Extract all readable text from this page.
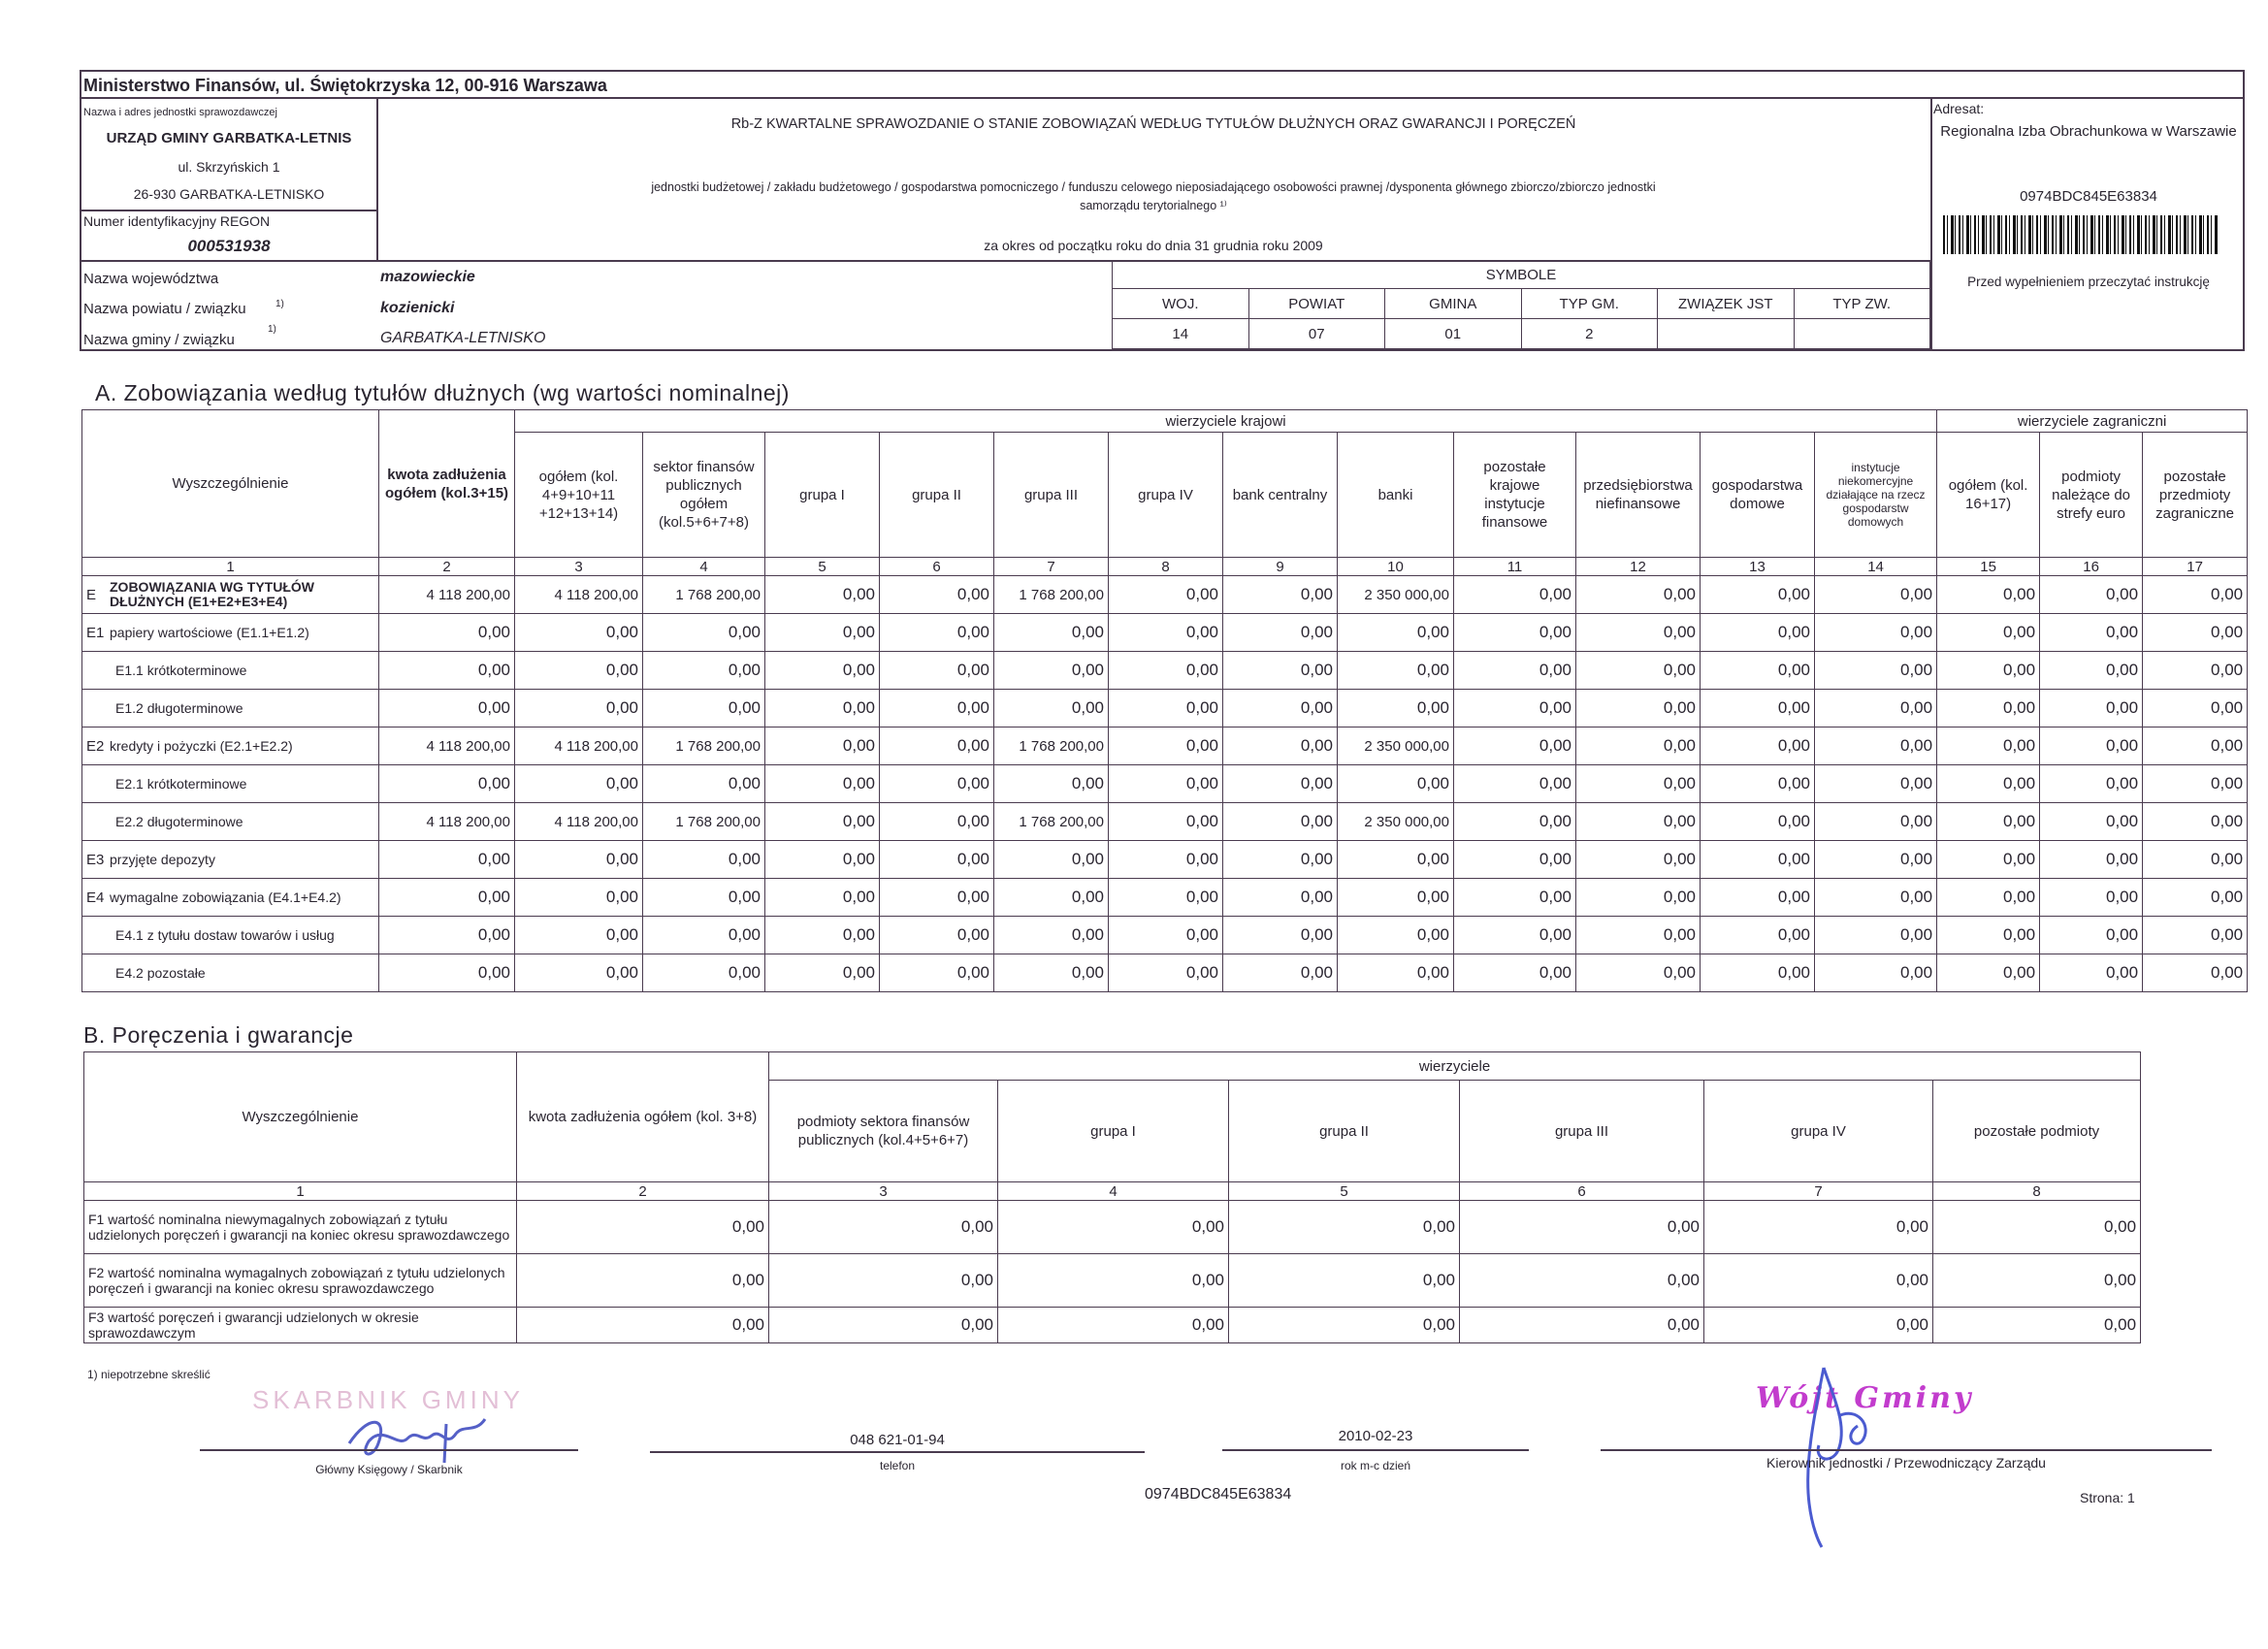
Ministerstwo Finansów, ul. Świętokrzyska 12, 00-916 Warszawa
Nazwa i adres jednostki sprawozdawczej
URZĄD GMINY GARBATKA-LETNIS
ul. Skrzyńskich 1
26-930 GARBATKA-LETNISKO
Numer identyfikacyjny REGON
000531938
Rb-Z KWARTALNE SPRAWOZDANIE O STANIE ZOBOWIĄZAŃ WEDŁUG TYTUŁÓW DŁUŻNYCH ORAZ GWARANCJI I PORĘCZEŃ
jednostki budżetowej / zakładu budżetowego / gospodarstwa pomocniczego / funduszu celowego nieposiadającego osobowości prawnej /dysponenta głównego zbiorczo/zbiorczo jednostki
samorządu terytorialnego ¹⁾
za okres od początku roku do dnia 31 grudnia roku 2009
Adresat:
Regionalna Izba Obrachunkowa w Warszawie
0974BDC845E63834
Przed wypełnieniem przeczytać instrukcję
Nazwa województwa	mazowieckie
Nazwa powiatu / związku	1)	kozienicki
Nazwa gminy / związku
1)
GARBATKA-LETNISKO
SYMBOLE					
WOJ.	POWIAT	GMINA	TYP GM.	ZWIĄZEK JST	TYP ZW.
14	07	01	2		
A. Zobowiązania według tytułów dłużnych (wg wartości nominalnej)
Wyszczególnienie	kwota zadłużenia ogółem (kol.3+15)	wierzyciele krajowi												wierzyciele zagraniczni		
		ogółem (kol. 4+9+10+11 +12+13+14)	sektor finansów publicznych ogółem (kol.5+6+7+8)	grupa I	grupa II	grupa III	grupa IV	bank centralny	banki	pozostałe krajowe instytucje finansowe	przedsiębiorstwa niefinansowe	gospodarstwa domowe	instytucje niekomercyjne działające na rzecz gospodarstw domowych	ogółem (kol. 16+17)	podmioty należące do strefy euro	pozostałe przedmioty zagraniczne
1	2	3	4	5	6	7	8	9	10	11	12	13	14	15	16	17

E ZOBOWIĄZANIA WG TYTUŁÓW DŁUŻNYCH (E1+E2+E3+E4)	4 118 200,00	4 118 200,00	1 768 200,00	0,00	0,00	1 768 200,00	0,00	0,00	2 350 000,00	0,00	0,00	0,00	0,00	0,00	0,00	0,00

E1 papiery wartościowe (E1.1+E1.2)	0,00	0,00	0,00	0,00	0,00	0,00	0,00	0,00	0,00	0,00	0,00	0,00	0,00	0,00	0,00	0,00

E1.1 krótkoterminowe	0,00	0,00	0,00	0,00	0,00	0,00	0,00	0,00	0,00	0,00	0,00	0,00	0,00	0,00	0,00	0,00

E1.2 długoterminowe	0,00	0,00	0,00	0,00	0,00	0,00	0,00	0,00	0,00	0,00	0,00	0,00	0,00	0,00	0,00	0,00

E2 kredyty i pożyczki (E2.1+E2.2)	4 118 200,00	4 118 200,00	1 768 200,00	0,00	0,00	1 768 200,00	0,00	0,00	2 350 000,00	0,00	0,00	0,00	0,00	0,00	0,00	0,00

E2.1 krótkoterminowe	0,00	0,00	0,00	0,00	0,00	0,00	0,00	0,00	0,00	0,00	0,00	0,00	0,00	0,00	0,00	0,00

E2.2 długoterminowe	4 118 200,00	4 118 200,00	1 768 200,00	0,00	0,00	1 768 200,00	0,00	0,00	2 350 000,00	0,00	0,00	0,00	0,00	0,00	0,00	0,00

E3 przyjęte depozyty	0,00	0,00	0,00	0,00	0,00	0,00	0,00	0,00	0,00	0,00	0,00	0,00	0,00	0,00	0,00	0,00

E4 wymagalne zobowiązania (E4.1+E4.2)	0,00	0,00	0,00	0,00	0,00	0,00	0,00	0,00	0,00	0,00	0,00	0,00	0,00	0,00	0,00	0,00

E4.1 z tytułu dostaw towarów i usług	0,00	0,00	0,00	0,00	0,00	0,00	0,00	0,00	0,00	0,00	0,00	0,00	0,00	0,00	0,00	0,00

E4.2 pozostałe	0,00	0,00	0,00	0,00	0,00	0,00	0,00	0,00	0,00	0,00	0,00	0,00	0,00	0,00	0,00	0,00
B. Poręczenia i gwarancje
Wyszczególnienie	kwota zadłużenia ogółem (kol. 3+8)	wierzyciele					
		podmioty sektora finansów publicznych (kol.4+5+6+7)	grupa I	grupa II	grupa III	grupa IV	pozostałe podmioty
1	2	3	4	5	6	7	8
F1 wartość nominalna niewymagalnych zobowiązań z tytułu udzielonych poręczeń i gwarancji na koniec okresu sprawozdawczego	0,00	0,00	0,00	0,00	0,00	0,00	0,00
F2 wartość nominalna wymagalnych zobowiązań z tytułu udzielonych poręczeń i gwarancji na koniec okresu sprawozdawczego	0,00	0,00	0,00	0,00	0,00	0,00	0,00
F3 wartość poręczeń i gwarancji udzielonych w okresie sprawozdawczym	0,00	0,00	0,00	0,00	0,00	0,00	0,00
1) niepotrzebne skreślić
SKARBNIK GMINY
Główny Księgowy / Skarbnik
048 621-01-94
telefon
2010-02-23
rok m-c dzień
Wójt Gminy
Kierownik jednostki / Przewodniczący Zarządu
0974BDC845E63834	Strona: 1
